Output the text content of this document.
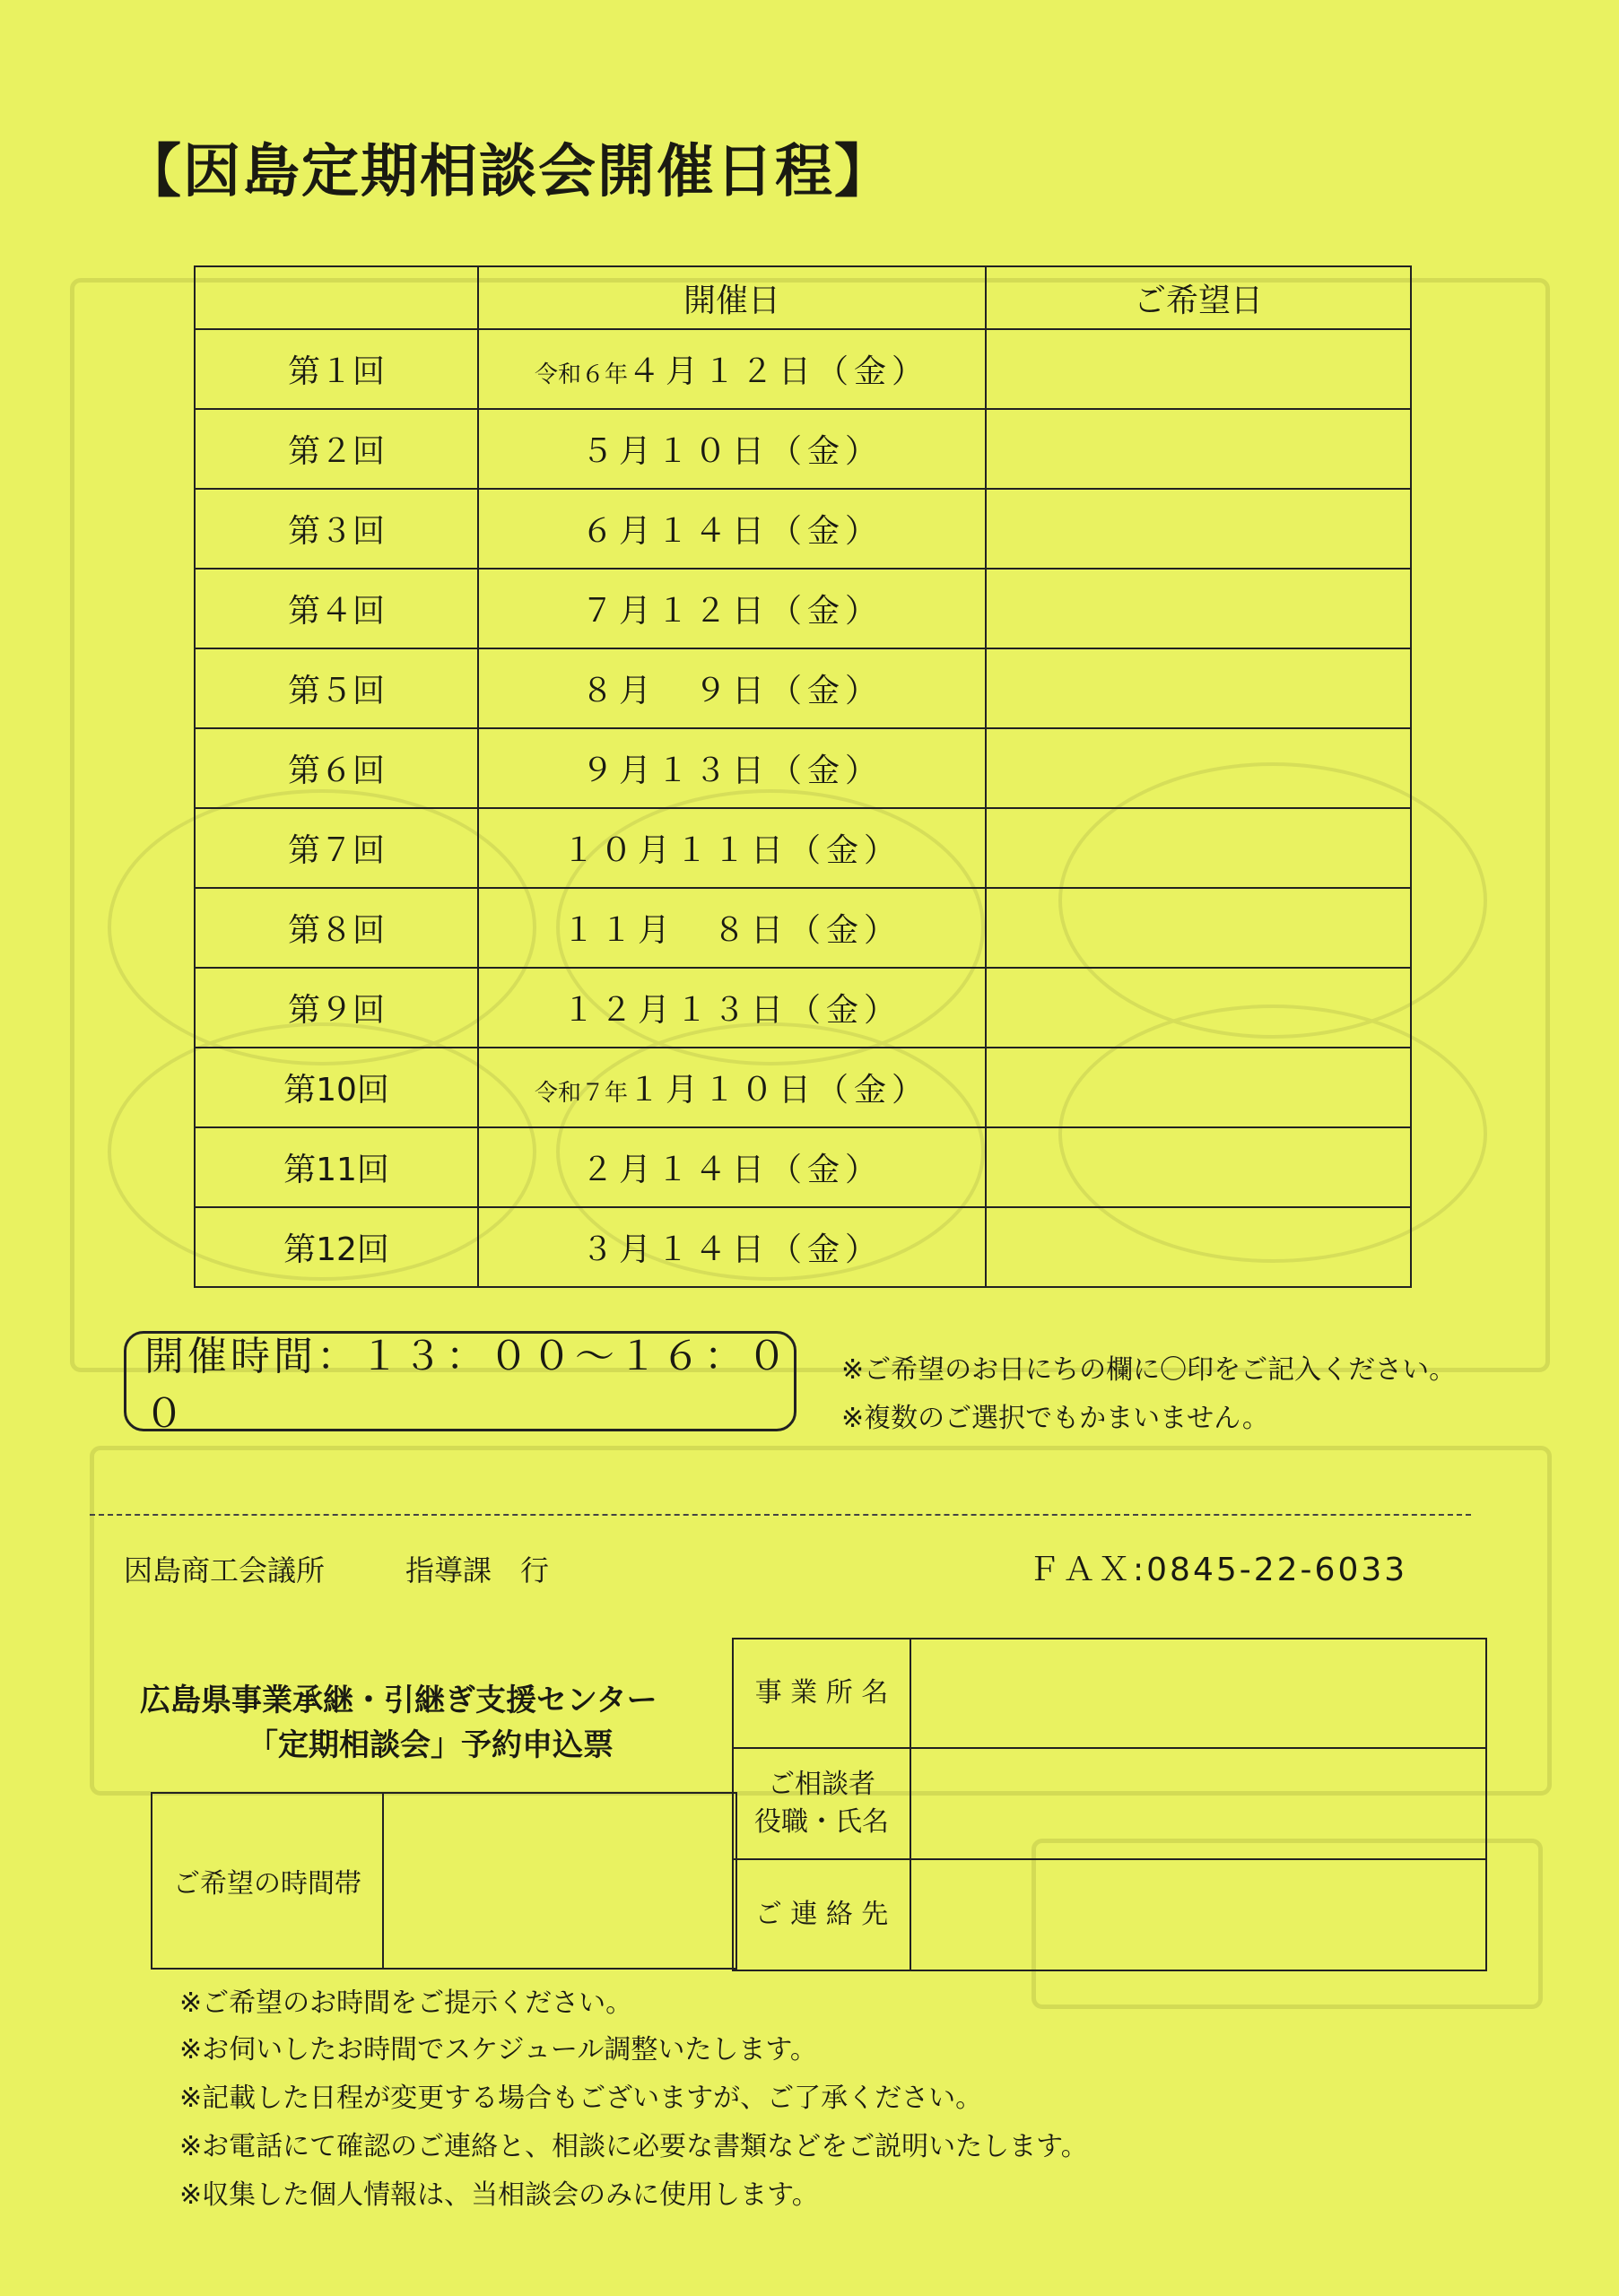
【因島定期相談会開催日程】
	開催日	ご希望日
第１回	令和６年４月１２日（金）	
第２回	５月１０日（金）	
第３回	６月１４日（金）	
第４回	７月１２日（金）	
第５回	８月　９日（金）	
第６回	９月１３日（金）	
第７回	１０月１１日（金）	
第８回	１１月　８日（金）	
第９回	１２月１３日（金）	
第10回	令和７年１月１０日（金）	
第11回	２月１４日（金）	
第12回	３月１４日（金）	
開催時間：１３：００～１６：００
※ご希望のお日にちの欄に〇印をご記入ください。
※複数のご選択でもかまいません。
因島商工会議所	指導課　行	ＦＡＸ:0845-22-6033
広島県事業承継・引継ぎ支援センター
「定期相談会」予約申込票
事 業 所 名	
ご相談者
役職・氏名	
ご 連 絡 先	
ご希望の時間帯	
※ご希望のお時間をご提示ください。
※お伺いしたお時間でスケジュール調整いたします。
※記載した日程が変更する場合もございますが、ご了承ください。
※お電話にて確認のご連絡と、相談に必要な書類などをご説明いたします。
※収集した個人情報は、当相談会のみに使用します。
